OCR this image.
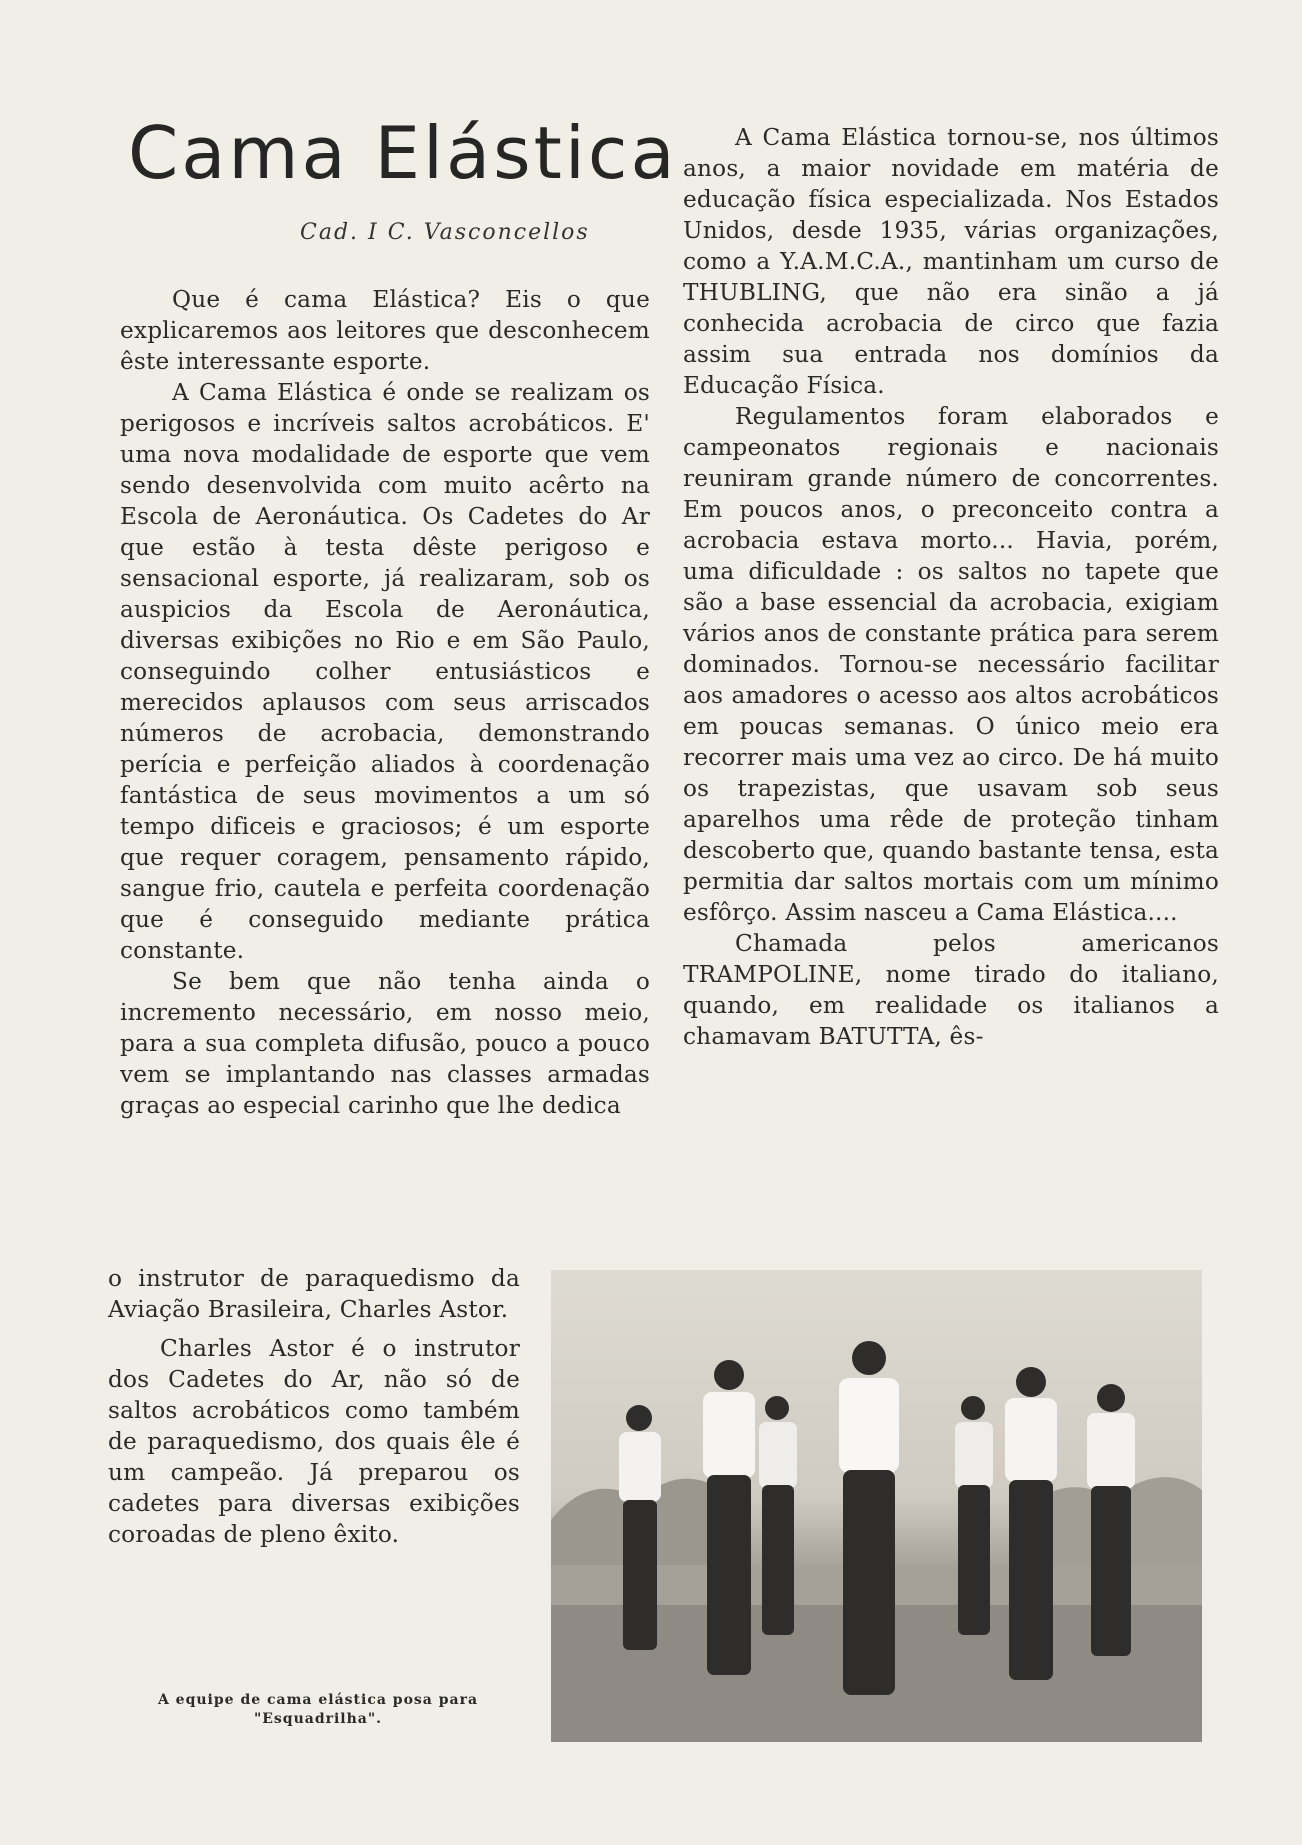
Cama Elástica
Cad. I C. Vasconcellos

Que é cama Elástica? Eis o que explicaremos aos leitores que desconhecem êste interessante esporte.

A Cama Elástica é onde se realizam os perigosos e incríveis saltos acrobáticos. E' uma nova modalidade de esporte que vem sendo desenvolvida com muito acêrto na Escola de Aeronáutica. Os Cadetes do Ar que estão à testa dêste perigoso e sensacional esporte, já realizaram, sob os auspicios da Escola de Aeronáutica, diversas exibições no Rio e em São Paulo, conseguindo colher entusiásticos e merecidos aplausos com seus arriscados números de acrobacia, demonstrando perícia e perfeição aliados à coordenação fantástica de seus movimentos a um só tempo dificeis e graciosos; é um esporte que requer coragem, pensamento rápido, sangue frio, cautela e perfeita coordenação que é conseguido mediante prática constante.

Se bem que não tenha ainda o incremento necessário, em nosso meio, para a sua completa difusão, pouco a pouco vem se implantando nas classes armadas graças ao especial carinho que lhe dedica

o instrutor de paraquedismo da Aviação Brasileira, Charles Astor.

Charles Astor é o instrutor dos Cadetes do Ar, não só de saltos acrobáticos como também de paraquedismo, dos quais êle é um campeão. Já preparou os cadetes para diversas exibições coroadas de pleno êxito.

A Cama Elástica tornou-se, nos últimos anos, a maior novidade em matéria de educação física especializada. Nos Estados Unidos, desde 1935, várias organizações, como a Y.A.M.C.A., mantinham um curso de THUBLING, que não era sinão a já conhecida acrobacia de circo que fazia assim sua entrada nos domínios da Educação Física.

Regulamentos foram elaborados e campeonatos regionais e nacionais reuniram grande número de concorrentes. Em poucos anos, o preconceito contra a acrobacia estava morto... Havia, porém, uma dificuldade : os saltos no tapete que são a base essencial da acrobacia, exigiam vários anos de constante prática para serem dominados. Tornou-se necessário facilitar aos amadores o acesso aos altos acrobáticos em poucas semanas. O único meio era recorrer mais uma vez ao circo. De há muito os trapezistas, que usavam sob seus aparelhos uma rêde de proteção tinham descoberto que, quando bastante tensa, esta permitia dar saltos mortais com um mínimo esfôrço. Assim nasceu a Cama Elástica....

Chamada pelos americanos TRAMPOLINE, nome tirado do italiano, quando, em realidade os italianos a chamavam BATUTTA, ês-

A equipe de cama elástica posa para "Esquadrilha".
